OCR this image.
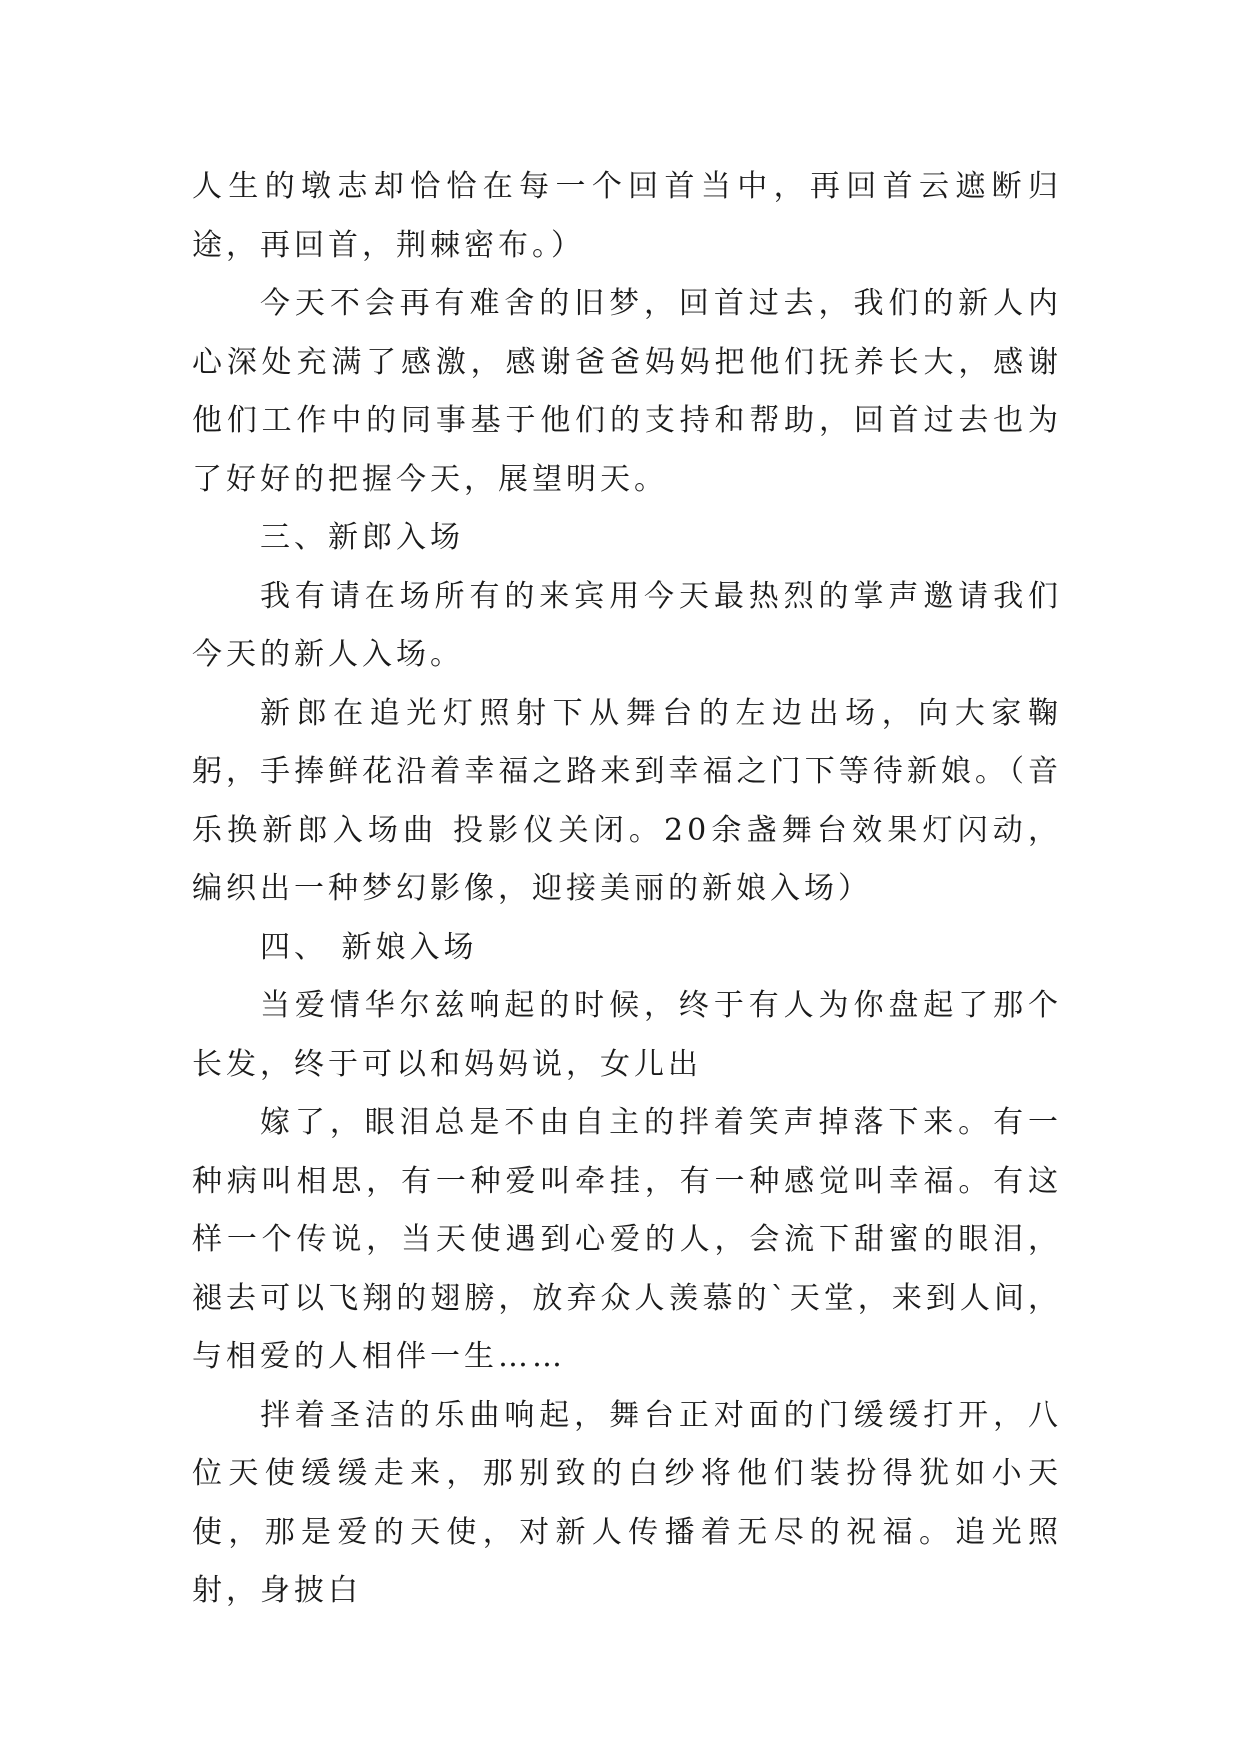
人生的墩志却恰恰在每一个回首当中，再回首云遮断归途，再回首，荆棘密布。）

今天不会再有难舍的旧梦，回首过去，我们的新人内心深处充满了感激，感谢爸爸妈妈把他们抚养长大，感谢他们工作中的同事基于他们的支持和帮助，回首过去也为了好好的把握今天，展望明天。

三、新郎入场

我有请在场所有的来宾用今天最热烈的掌声邀请我们今天的新人入场。

新郎在追光灯照射下从舞台的左边出场，向大家鞠躬，手捧鲜花沿着幸福之路来到幸福之门下等待新娘。（音乐换新郎入场曲 投影仪关闭。20余盏舞台效果灯闪动，编织出一种梦幻影像，迎接美丽的新娘入场）

四、 新娘入场

当爱情华尔兹响起的时候，终于有人为你盘起了那个长发，终于可以和妈妈说，女儿出

嫁了，眼泪总是不由自主的拌着笑声掉落下来。有一种病叫相思，有一种爱叫牵挂，有一种感觉叫幸福。有这样一个传说，当天使遇到心爱的人，会流下甜蜜的眼泪，褪去可以飞翔的翅膀，放弃众人羡慕的`天堂，来到人间，与相爱的人相伴一生……

拌着圣洁的乐曲响起，舞台正对面的门缓缓打开，八位天使缓缓走来，那别致的白纱将他们装扮得犹如小天使，那是爱的天使，对新人传播着无尽的祝福。追光照射，身披白
